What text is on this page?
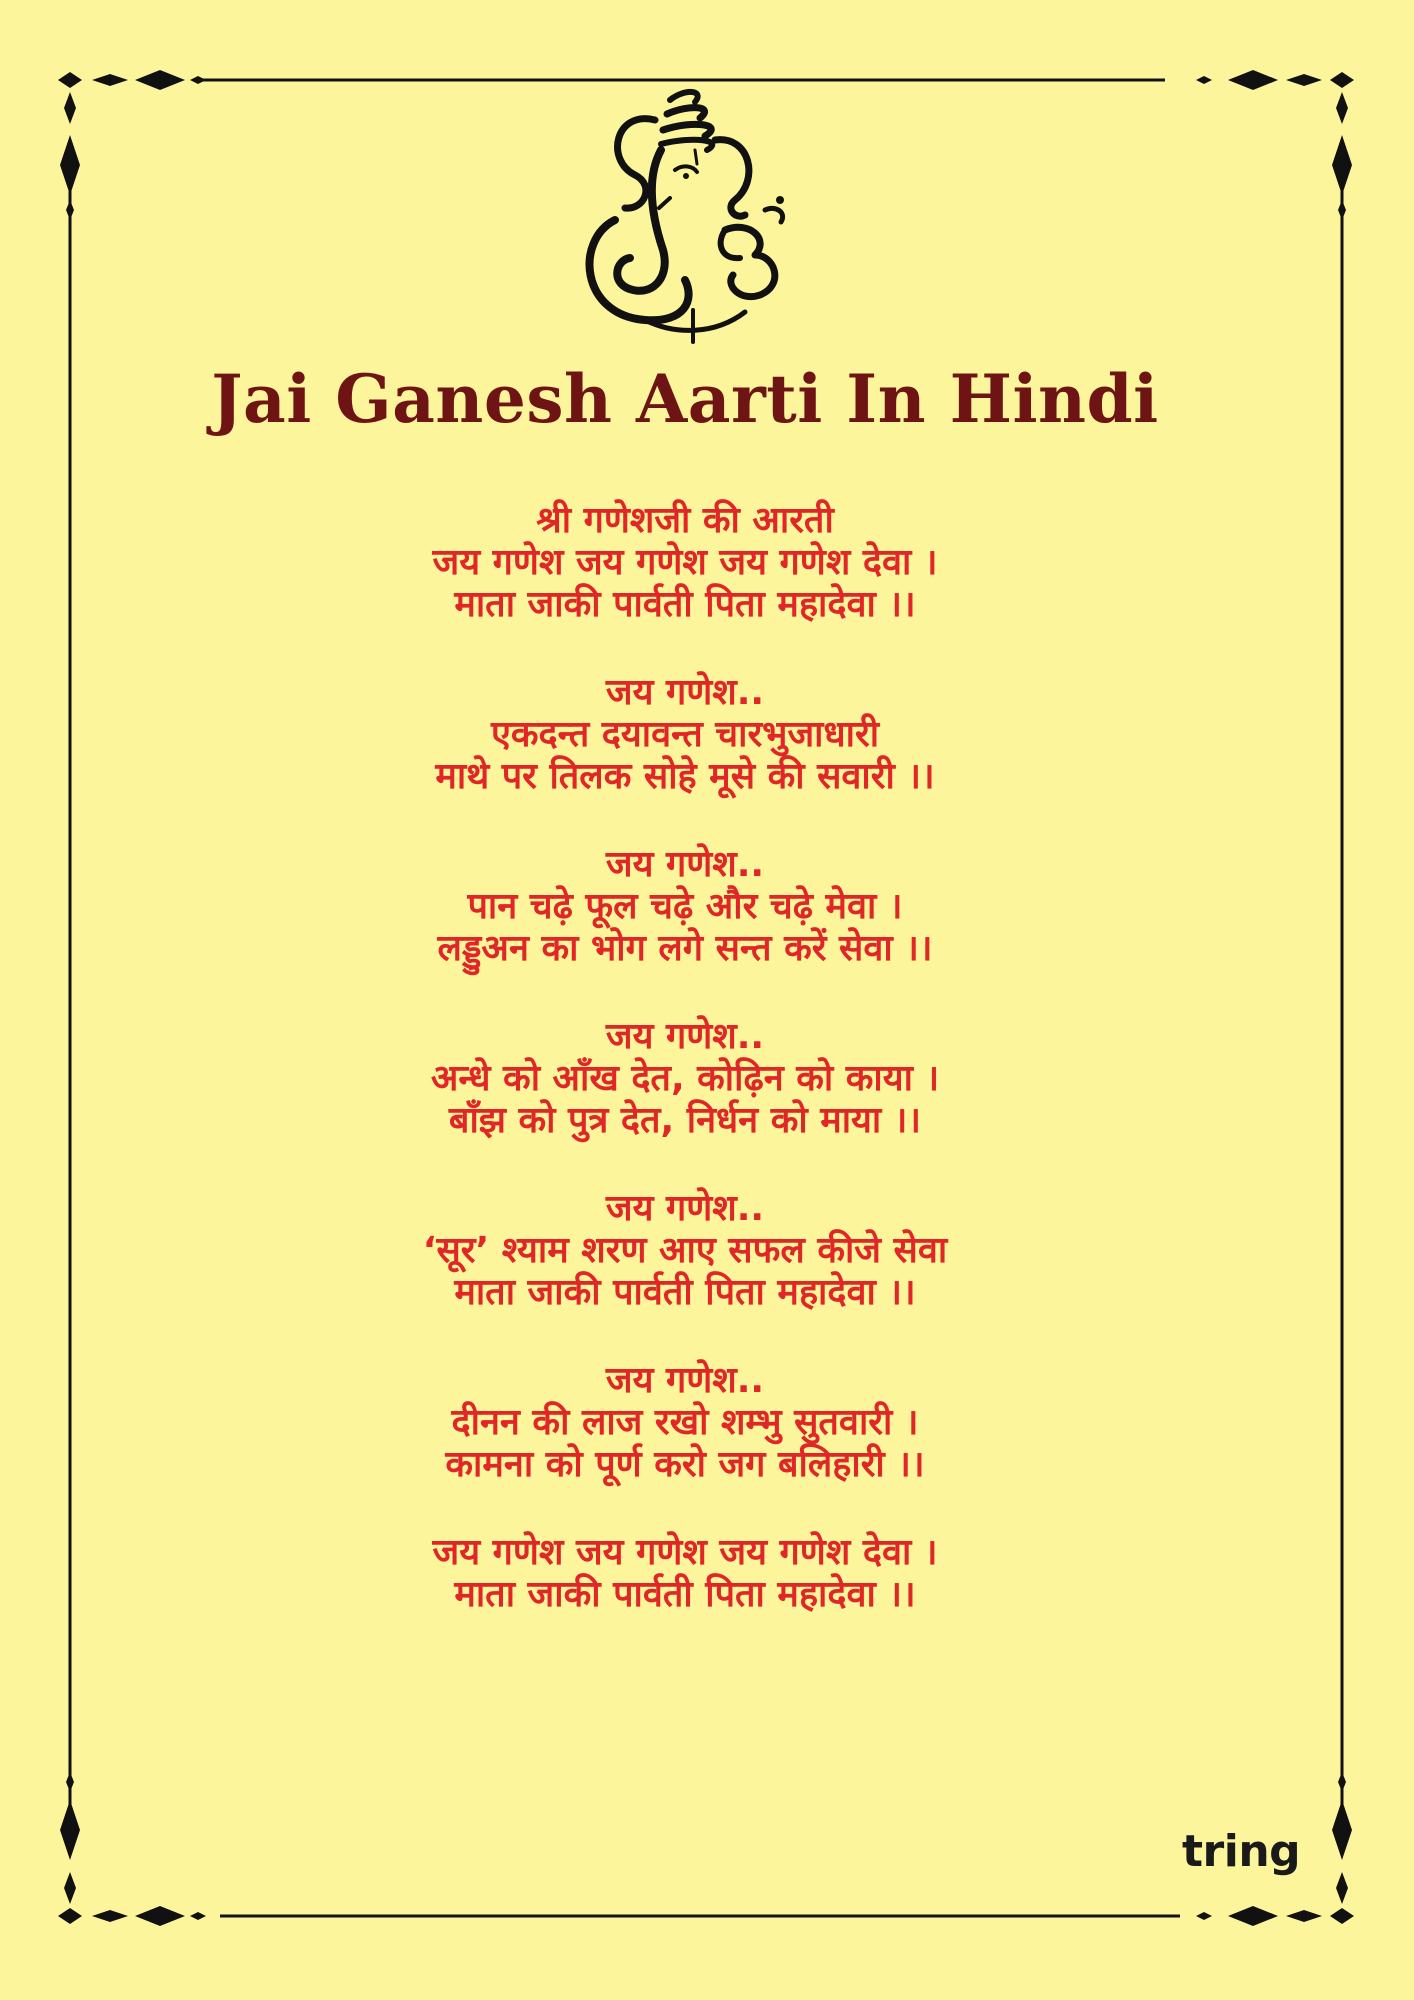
Jai Ganesh Aarti In Hindi
श्री गणेशजी की आरती
जय गणेश जय गणेश जय गणेश देवा ।
माता जाकी पार्वती पिता महादेवा ।।
जय गणेश..
एकदन्त दयावन्त चारभुजाधारी
माथे पर तिलक सोहे मूसे की सवारी ।।
जय गणेश..
पान चढ़े फूल चढ़े और चढ़े मेवा ।
लड्डुअन का भोग लगे सन्त करें सेवा ।।
जय गणेश..
अन्धे को आँख देत, कोढ़िन को काया ।
बाँझ को पुत्र देत, निर्धन को माया ।।
जय गणेश..
‘सूर’ श्याम शरण आए सफल कीजे सेवा
माता जाकी पार्वती पिता महादेवा ।।
जय गणेश..
दीनन की लाज रखो शम्भु सुतवारी ।
कामना को पूर्ण करो जग बलिहारी ।।
जय गणेश जय गणेश जय गणेश देवा ।
माता जाकी पार्वती पिता महादेवा ।।
tring
